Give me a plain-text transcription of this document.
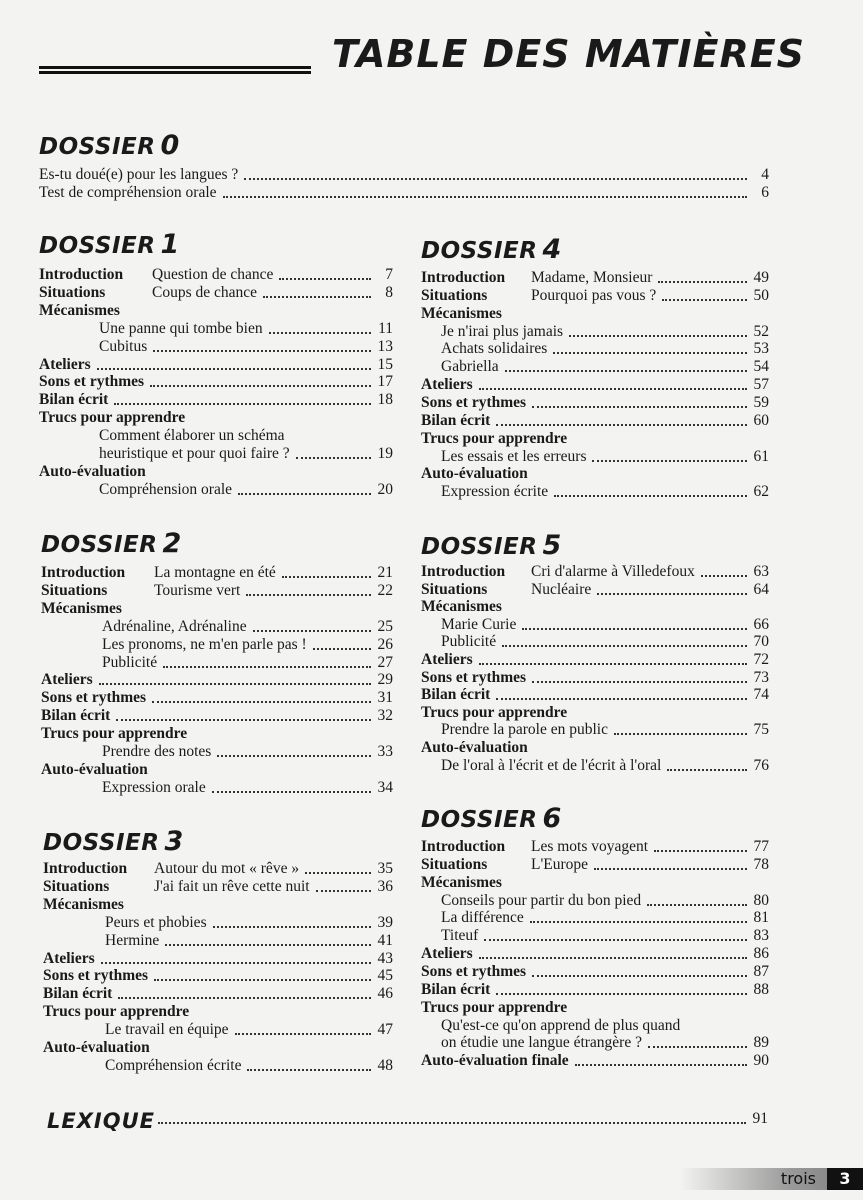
TABLE DES MATIÈRES
DOSSIER 0
Es-tu doué(e) pour les langues ?	4
Test de compréhension orale	6
DOSSIER 1
Introduction	Question de chance	7
Situations	Coups de chance	8
Mécanismes
Une panne qui tombe bien	11
Cubitus	13
Ateliers	15
Sons et rythmes	17
Bilan écrit	18
Trucs pour apprendre
Comment élaborer un schéma
heuristique et pour quoi faire ?	19
Auto-évaluation
Compréhension orale	20
DOSSIER 2
Introduction	La montagne en été	21
Situations	Tourisme vert	22
Mécanismes
Adrénaline, Adrénaline	25
Les pronoms, ne m'en parle pas !	26
Publicité	27
Ateliers	29
Sons et rythmes	31
Bilan écrit	32
Trucs pour apprendre
Prendre des notes	33
Auto-évaluation
Expression orale	34
DOSSIER 3
Introduction	Autour du mot « rêve »	35
Situations	J'ai fait un rêve cette nuit	36
Mécanismes
Peurs et phobies	39
Hermine	41
Ateliers	43
Sons et rythmes	45
Bilan écrit	46
Trucs pour apprendre
Le travail en équipe	47
Auto-évaluation
Compréhension écrite	48
DOSSIER 4
Introduction	Madame, Monsieur	49
Situations	Pourquoi pas vous ?	50
Mécanismes
Je n'irai plus jamais	52
Achats solidaires	53
Gabriella	54
Ateliers	57
Sons et rythmes	59
Bilan écrit	60
Trucs pour apprendre
Les essais et les erreurs	61
Auto-évaluation
Expression écrite	62
DOSSIER 5
Introduction	Cri d'alarme à Villedefoux	63
Situations	Nucléaire	64
Mécanismes
Marie Curie	66
Publicité	70
Ateliers	72
Sons et rythmes	73
Bilan écrit	74
Trucs pour apprendre
Prendre la parole en public	75
Auto-évaluation
De l'oral à l'écrit et de l'écrit à l'oral	76
DOSSIER 6
Introduction	Les mots voyagent	77
Situations	L'Europe	78
Mécanismes
Conseils pour partir du bon pied	80
La différence	81
Titeuf	83
Ateliers	86
Sons et rythmes	87
Bilan écrit	88
Trucs pour apprendre
Qu'est-ce qu'on apprend de plus quand
on étudie une langue étrangère ?	89
Auto-évaluation finale	90
LEXIQUE	91
trois	3
